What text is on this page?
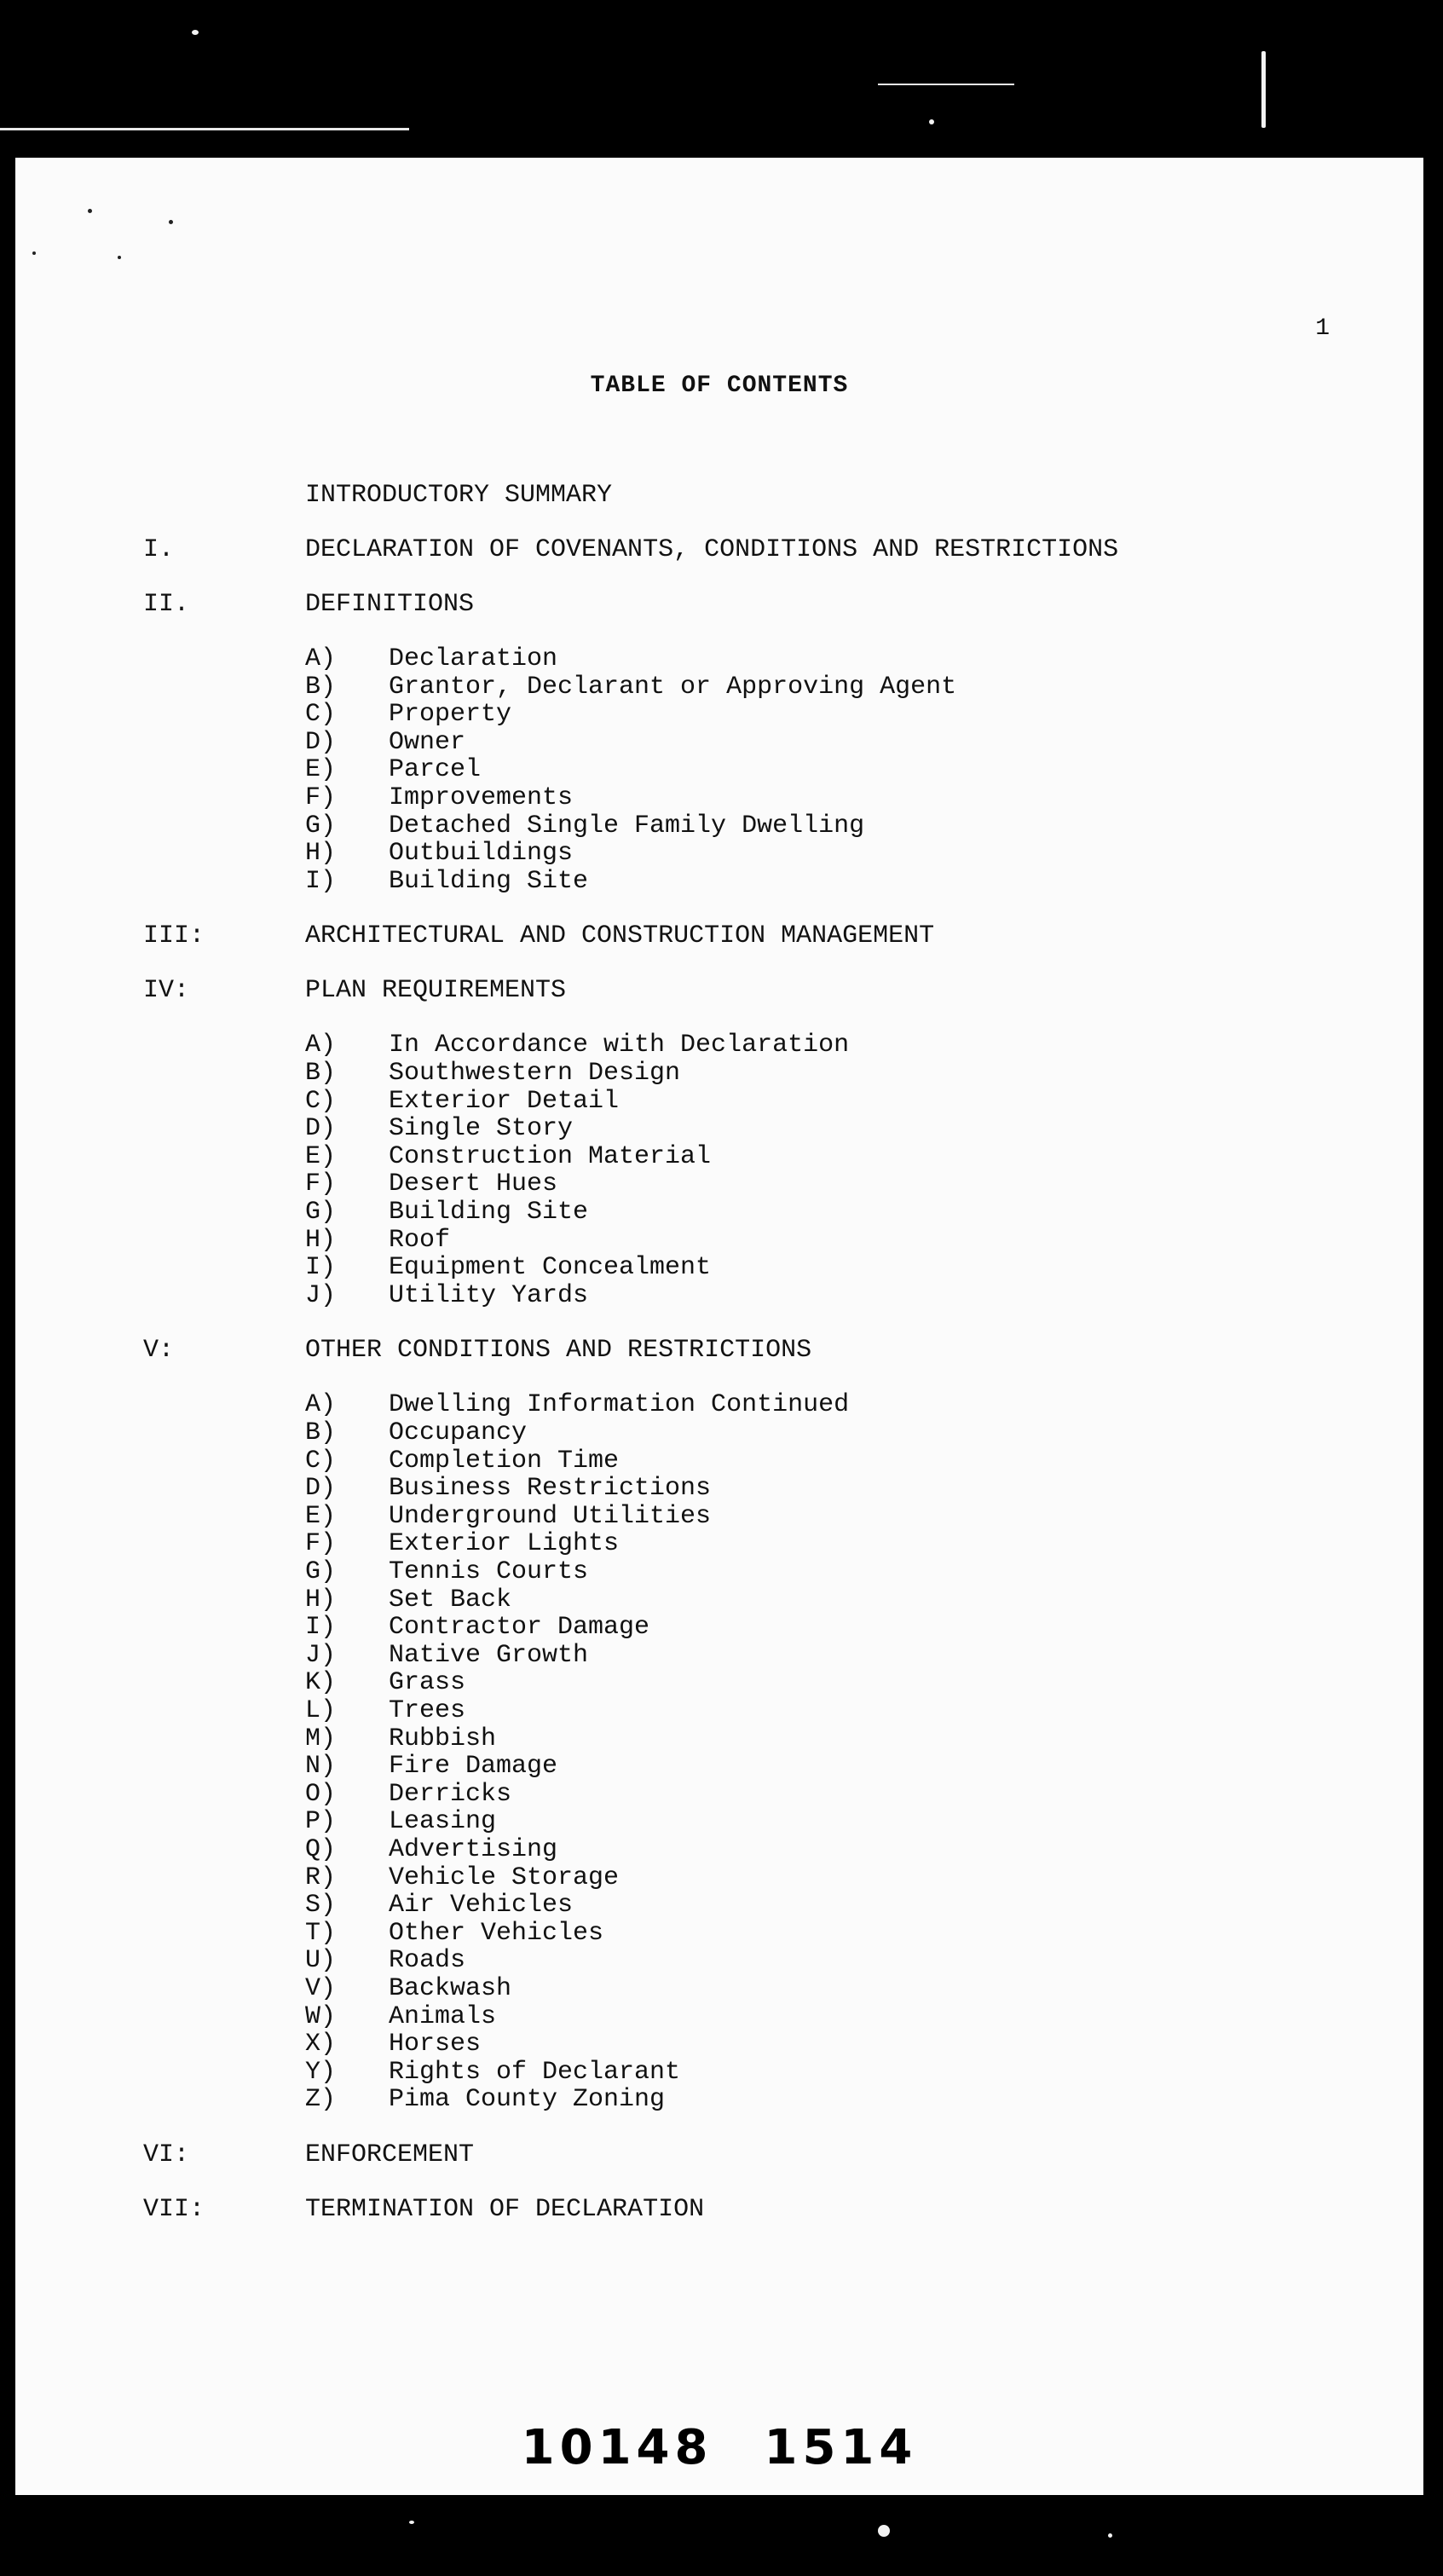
1
TABLE OF CONTENTS
INTRODUCTORY SUMMARY
I.	DECLARATION OF COVENANTS, CONDITIONS AND RESTRICTIONS
II.	DEFINITIONS
A) Declaration
B) Grantor, Declarant or Approving Agent
C) Property
D) Owner
E) Parcel
F) Improvements
G) Detached Single Family Dwelling
H) Outbuildings
I) Building Site
III:	ARCHITECTURAL AND CONSTRUCTION MANAGEMENT
IV:	PLAN REQUIREMENTS
A) In Accordance with Declaration
B) Southwestern Design
C) Exterior Detail
D) Single Story
E) Construction Material
F) Desert Hues
G) Building Site
H) Roof
I) Equipment Concealment
J) Utility Yards
V:	OTHER CONDITIONS AND RESTRICTIONS
A) Dwelling Information Continued
B) Occupancy
C) Completion Time
D) Business Restrictions
E) Underground Utilities
F) Exterior Lights
G) Tennis Courts
H) Set Back
I) Contractor Damage
J) Native Growth
K) Grass
L) Trees
M) Rubbish
N) Fire Damage
O) Derricks
P) Leasing
Q) Advertising
R) Vehicle Storage
S) Air Vehicles
T) Other Vehicles
U) Roads
V) Backwash
W) Animals
X) Horses
Y) Rights of Declarant
Z) Pima County Zoning
VI:	ENFORCEMENT
VII:	TERMINATION OF DECLARATION
10148 1514
